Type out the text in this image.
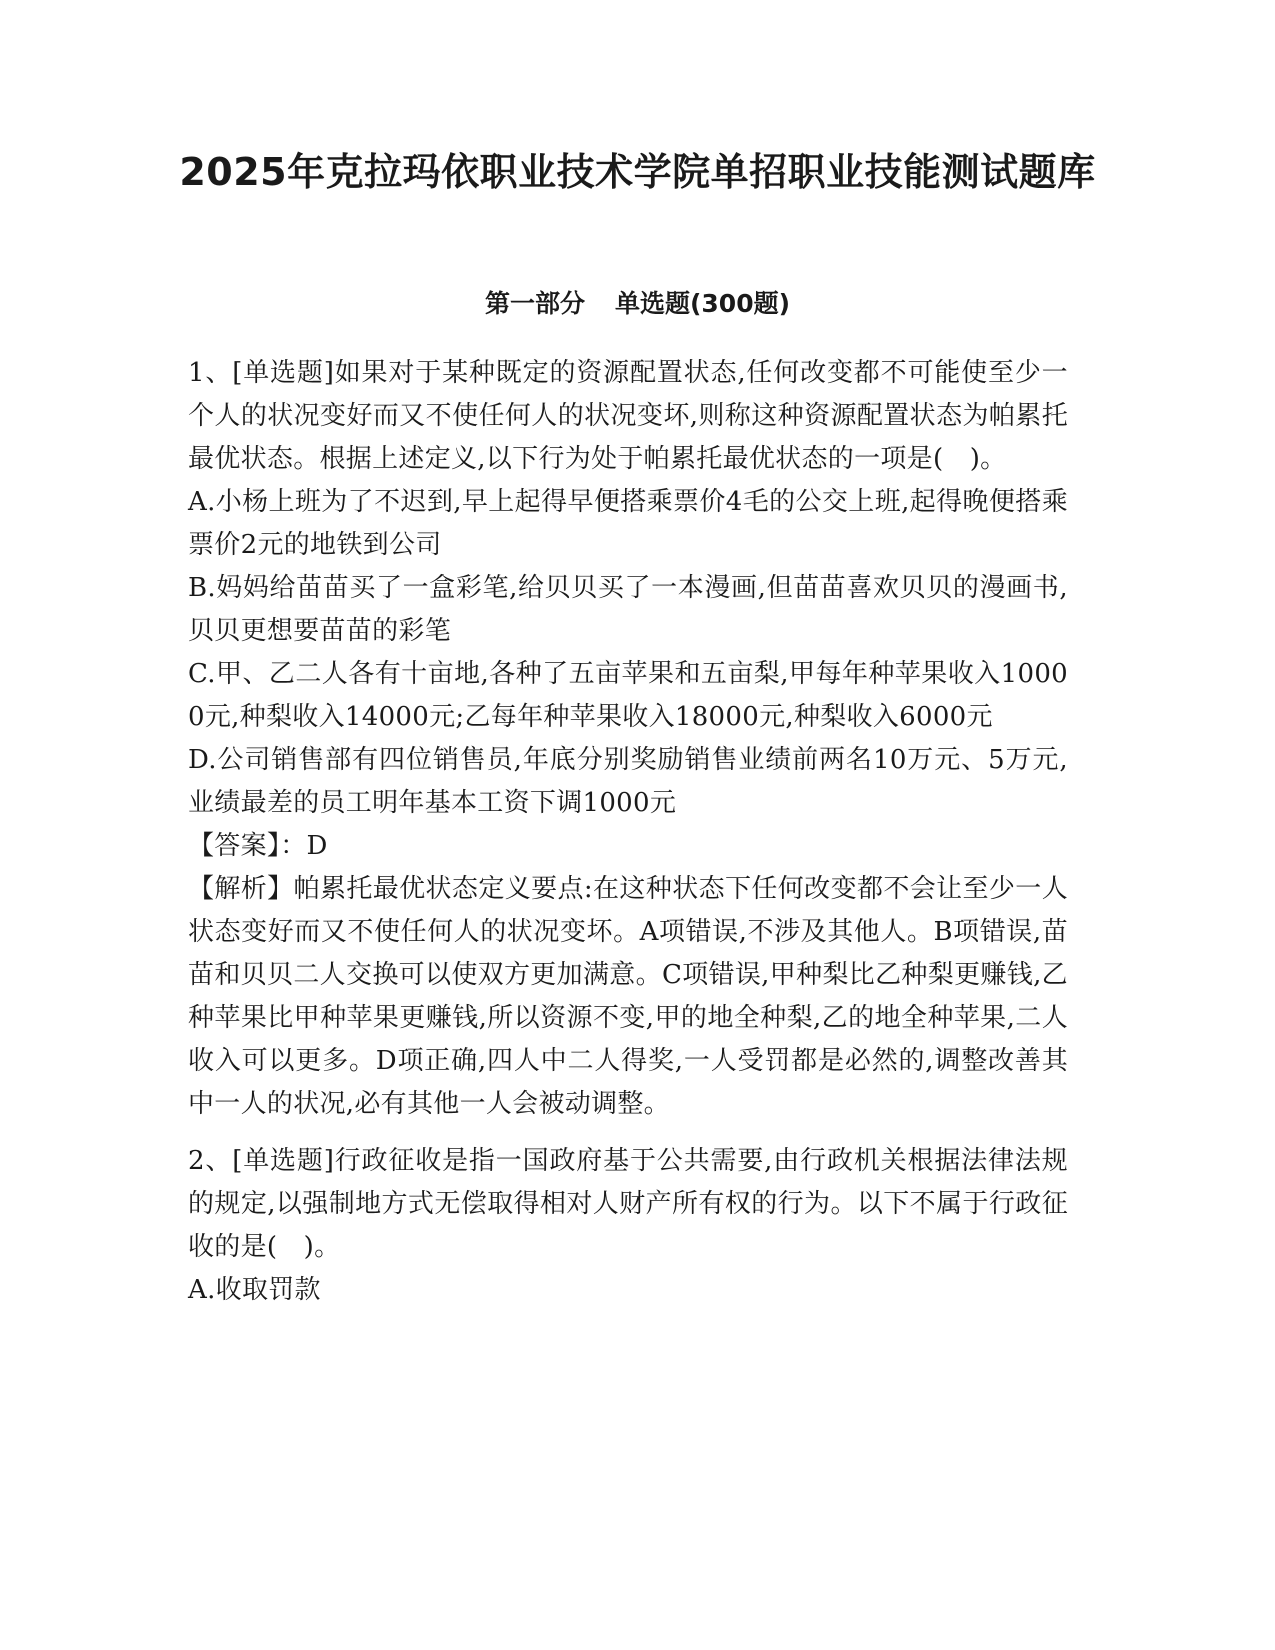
2025年克拉玛依职业技术学院单招职业技能测试题库
第一部分 单选题(300题)

1、[单选题]如果对于某种既定的资源配置状态,任何改变都不可能使至少一个人的状况变好而又不使任何人的状况变坏,则称这种资源配置状态为帕累托最优状态。根据上述定义,以下行为处于帕累托最优状态的一项是(　)。

A.小杨上班为了不迟到,早上起得早便搭乘票价4毛的公交上班,起得晚便搭乘票价2元的地铁到公司

B.妈妈给苗苗买了一盒彩笔,给贝贝买了一本漫画,但苗苗喜欢贝贝的漫画书,贝贝更想要苗苗的彩笔

C.甲、乙二人各有十亩地,各种了五亩苹果和五亩梨,甲每年种苹果收入10000元,种梨收入14000元;乙每年种苹果收入18000元,种梨收入6000元

D.公司销售部有四位销售员,年底分别奖励销售业绩前两名10万元、5万元,业绩最差的员工明年基本工资下调1000元

【答案】：D

【解析】帕累托最优状态定义要点:在这种状态下任何改变都不会让至少一人状态变好而又不使任何人的状况变坏。A项错误,不涉及其他人。B项错误,苗苗和贝贝二人交换可以使双方更加满意。C项错误,甲种梨比乙种梨更赚钱,乙种苹果比甲种苹果更赚钱,所以资源不变,甲的地全种梨,乙的地全种苹果,二人收入可以更多。D项正确,四人中二人得奖,一人受罚都是必然的,调整改善其中一人的状况,必有其他一人会被动调整。

2、[单选题]行政征收是指一国政府基于公共需要,由行政机关根据法律法规的规定,以强制地方式无偿取得相对人财产所有权的行为。以下不属于行政征收的是(　)。

A.收取罚款
